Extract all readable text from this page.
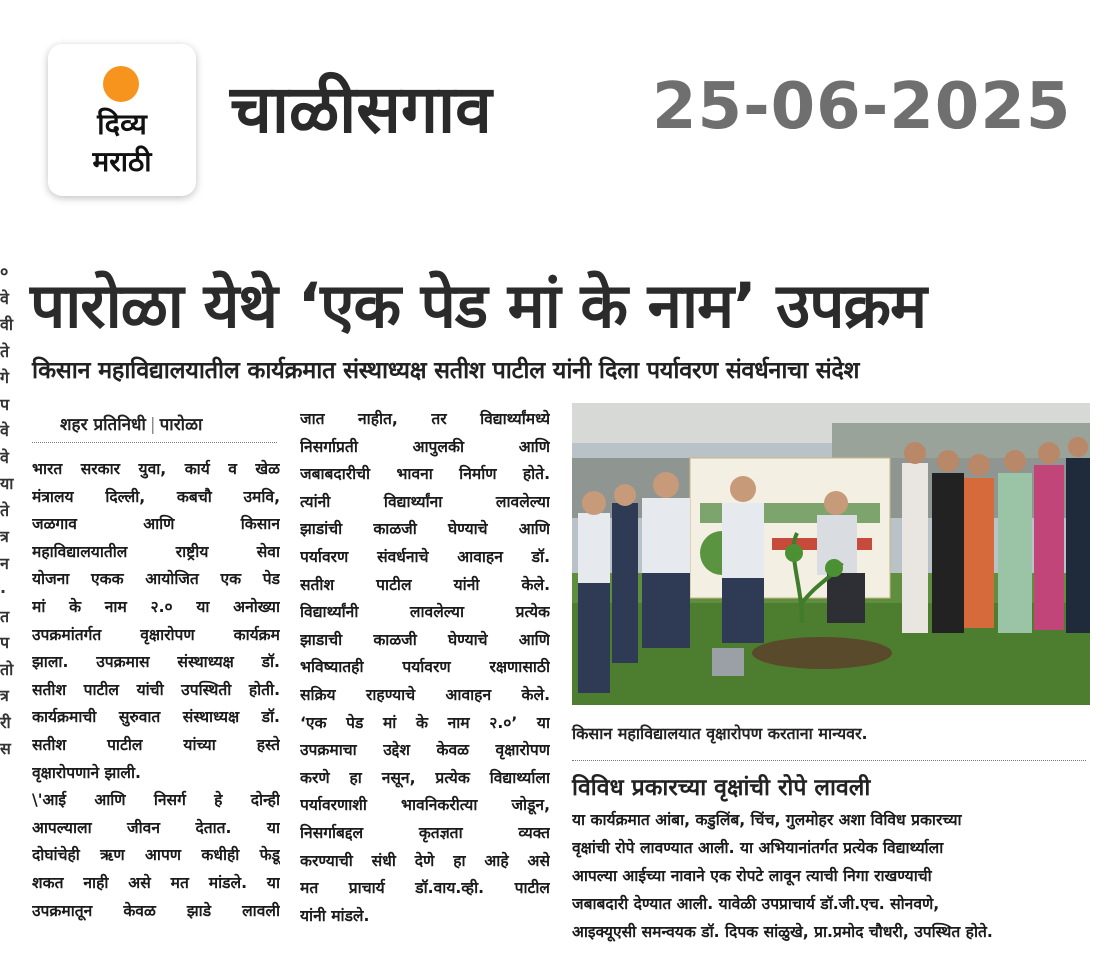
दिव्य
मराठी
चाळीसगाव	25-06-2025
०
वे
वी
ते
गे
प
वे
वे
या
ते
त्र
न
.
त
प
तो
त्र
री
स
पारोळा येथे ‘एक पेड मां के नाम’ उपक्रम
किसान महाविद्यालयातील कार्यक्रमात संस्थाध्यक्ष सतीश पाटील यांनी दिला पर्यावरण संवर्धनाचा संदेश
शहर प्रतिनिधी | पारोळा
भारत सरकार युवा, कार्य व खेळ
मंत्रालय दिल्ली, कबचौ उमवि,
जळगाव आणि किसान
महाविद्यालयातील राष्ट्रीय सेवा
योजना एकक आयोजित एक पेड
मां के नाम २.० या अनोख्या
उपक्रमांतर्गत वृक्षारोपण कार्यक्रम
झाला. उपक्रमास संस्थाध्यक्ष डॉ.
सतीश पाटील यांची उपस्थिती होती.
कार्यक्रमाची सुरुवात संस्थाध्यक्ष डॉ.
सतीश पाटील यांच्या हस्ते
वृक्षारोपणाने झाली.
\'आई आणि निसर्ग हे दोन्ही
आपल्याला जीवन देतात. या
दोघांचेही ऋण आपण कधीही फेडू
शकत नाही असे मत मांडले. या
उपक्रमातून केवळ झाडे लावली
जात नाहीत, तर विद्यार्थ्यांमध्ये
निसर्गाप्रती आपुलकी आणि
जबाबदारीची भावना निर्माण होते.
त्यांनी विद्यार्थ्यांना लावलेल्या
झाडांची काळजी घेण्याचे आणि
पर्यावरण संवर्धनाचे आवाहन डॉ.
सतीश पाटील यांनी केले.
विद्यार्थ्यांनी लावलेल्या प्रत्येक
झाडाची काळजी घेण्याचे आणि
भविष्यातही पर्यावरण रक्षणासाठी
सक्रिय राहण्याचे आवाहन केले.
‘एक पेड मां के नाम २.०’ या
उपक्रमाचा उद्देश केवळ वृक्षारोपण
करणे हा नसून, प्रत्येक विद्यार्थ्याला
पर्यावरणाशी भावनिकरीत्या जोडून,
निसर्गाबद्दल कृतज्ञता व्यक्त
करण्याची संधी देणे हा आहे असे
मत प्राचार्य डॉ.वाय.व्ही. पाटील
यांनी मांडले.
किसान महाविद्यालयात वृक्षारोपण करताना मान्यवर.
विविध प्रकारच्या वृक्षांची रोपे लावली
या कार्यक्रमात आंबा, कडुलिंब, चिंच, गुलमोहर अशा विविध प्रकारच्या
वृक्षांची रोपे लावण्यात आली. या अभियानांतर्गत प्रत्येक विद्यार्थ्याला
आपल्या आईच्या नावाने एक रोपटे लावून त्याची निगा राखण्याची
जबाबदारी देण्यात आली. यावेळी उपप्राचार्य डॉ.जी.एच. सोनवणे,
आइक्यूएसी समन्वयक डॉ. दिपक सांळुखे, प्रा.प्रमोद चौधरी, उपस्थित होते.
